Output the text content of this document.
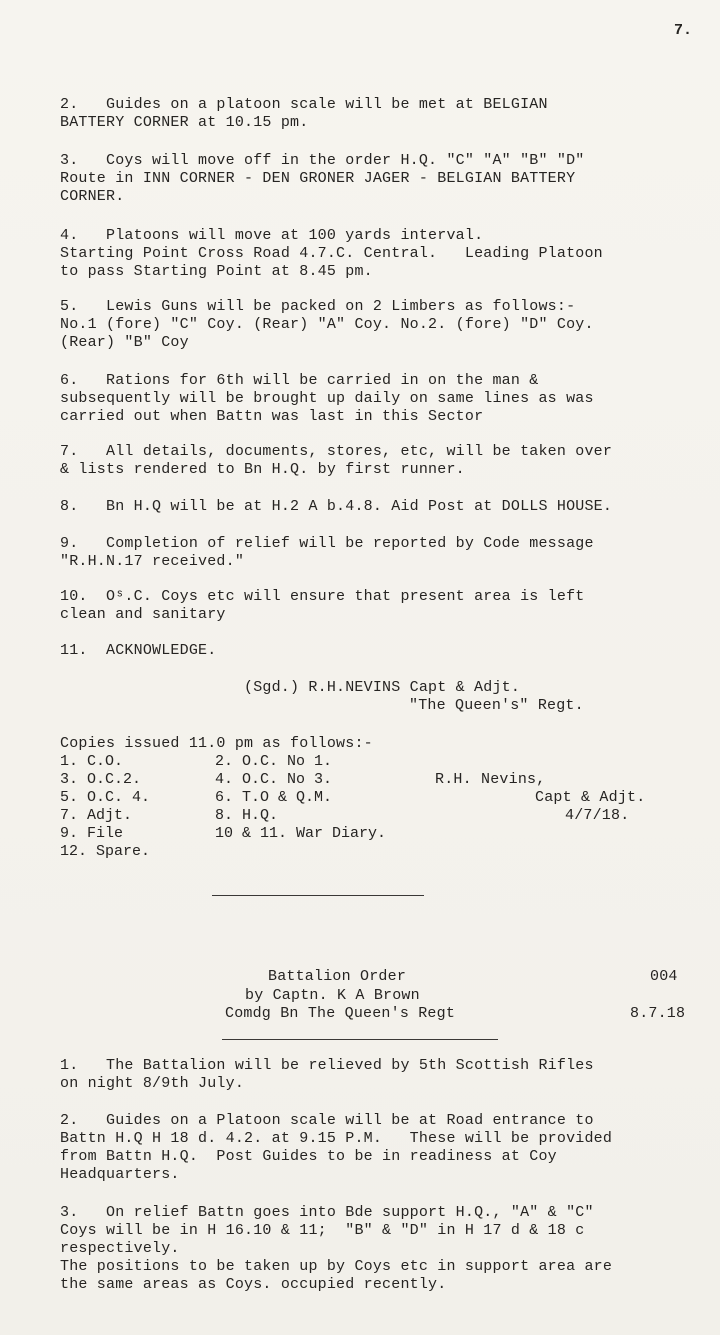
7.
2.   Guides on a platoon scale will be met at BELGIAN
BATTERY CORNER at 10.15 pm.
3.   Coys will move off in the order H.Q. "C" "A" "B" "D"
Route in INN CORNER - DEN GRONER JAGER - BELGIAN BATTERY
CORNER.
4.   Platoons will move at 100 yards interval.
Starting Point Cross Road 4.7.C. Central.   Leading Platoon
to pass Starting Point at 8.45 pm.
5.   Lewis Guns will be packed on 2 Limbers as follows:-
No.1 (fore) "C" Coy. (Rear) "A" Coy. No.2. (fore) "D" Coy.
(Rear) "B" Coy
6.   Rations for 6th will be carried in on the man &
subsequently will be brought up daily on same lines as was
carried out when Battn was last in this Sector
7.   All details, documents, stores, etc, will be taken over
& lists rendered to Bn H.Q. by first runner.
8.   Bn H.Q will be at H.2 A b.4.8. Aid Post at DOLLS HOUSE.
9.   Completion of relief will be reported by Code message
"R.H.N.17 received."
10.  Oˢ.C. Coys etc will ensure that present area is left
clean and sanitary
11.  ACKNOWLEDGE.
(Sgd.) R.H.NEVINS Capt & Adjt.
"The Queen's" Regt.
Copies issued 11.0 pm as follows:-
1. C.O.
3. O.C.2.
5. O.C. 4.
7. Adjt.
9. File
12. Spare.
2. O.C. No 1.
4. O.C. No 3.
6. T.O & Q.M.
8. H.Q.
10 & 11. War Diary.
R.H. Nevins,
Capt & Adjt.
4/7/18.
Battalion Order
by Captn. K A Brown
Comdg Bn The Queen's Regt
004
8.7.18
1.   The Battalion will be relieved by 5th Scottish Rifles
on night 8/9th July.
2.   Guides on a Platoon scale will be at Road entrance to
Battn H.Q H 18 d. 4.2. at 9.15 P.M.   These will be provided
from Battn H.Q.  Post Guides to be in readiness at Coy
Headquarters.
3.   On relief Battn goes into Bde support H.Q., "A" & "C"
Coys will be in H 16.10 & 11;  "B" & "D" in H 17 d & 18 c
respectively.
The positions to be taken up by Coys etc in support area are
the same areas as Coys. occupied recently.
